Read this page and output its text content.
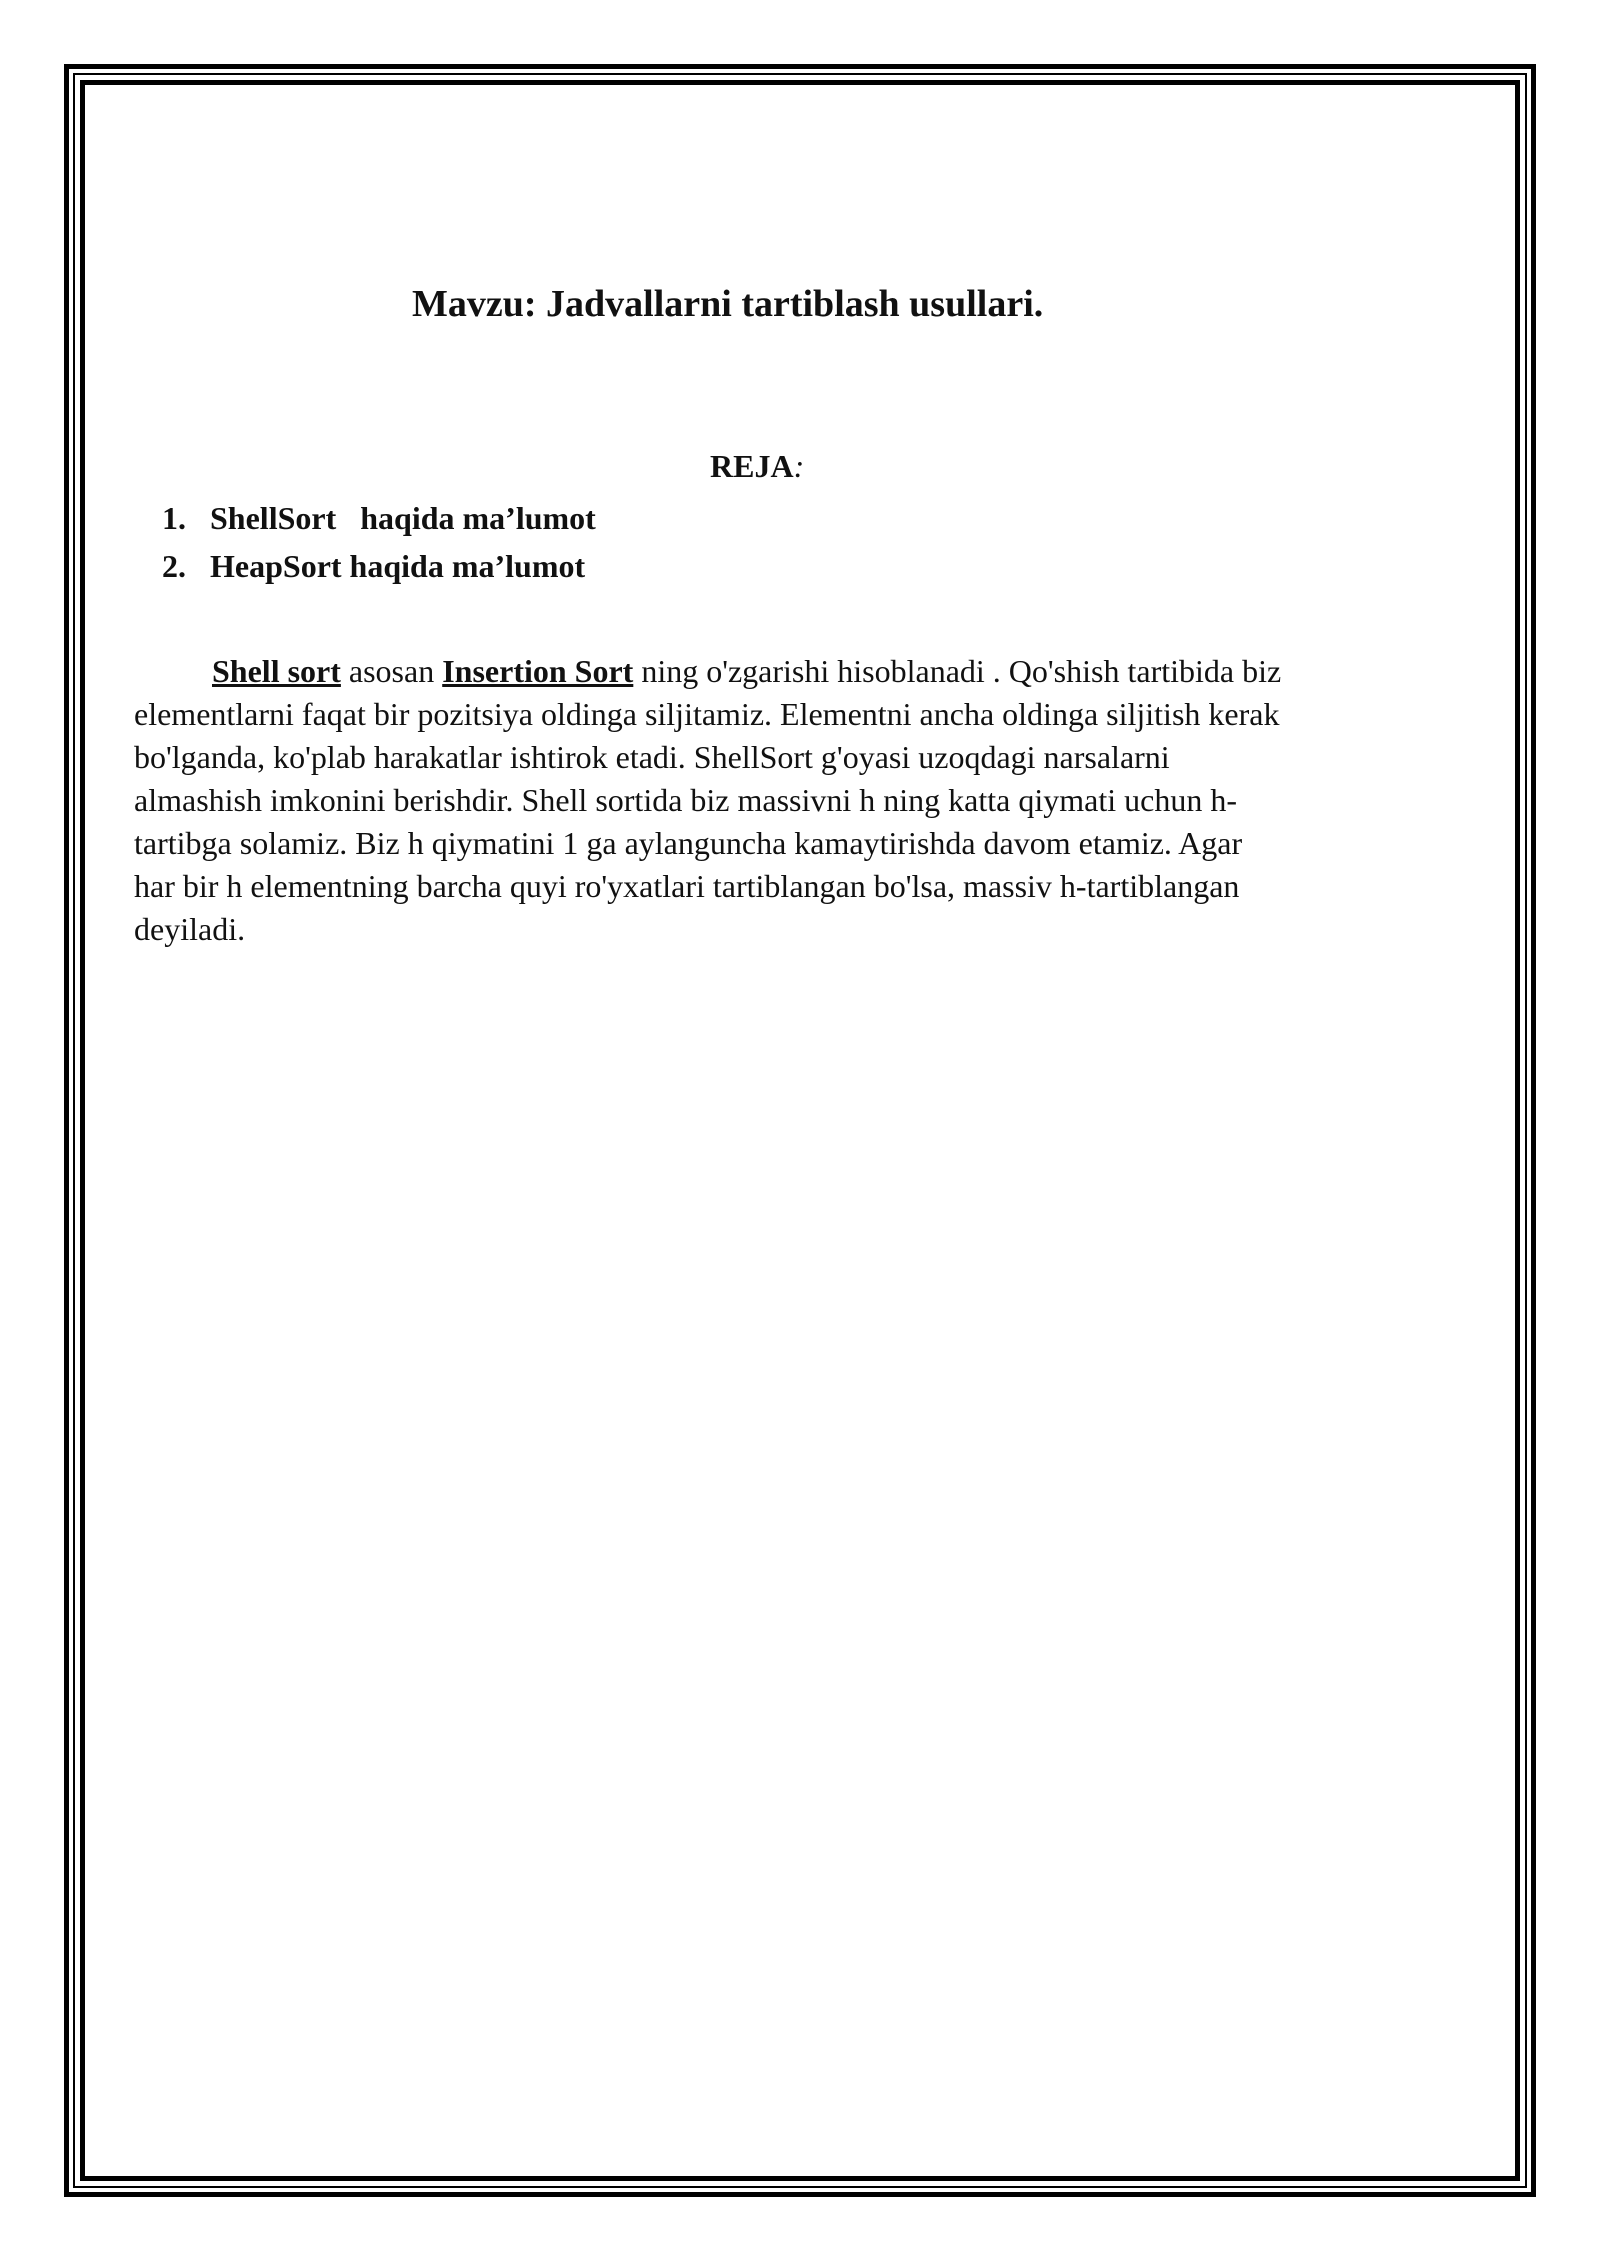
Mavzu: Jadvallarni tartiblash usullari.

REJA:

1. ShellSort   haqida ma’lumot
2. HeapSort haqida ma’lumot

Shell sort asosan Insertion Sort ning o'zgarishi hisoblanadi . Qo'shish tartibida biz
elementlarni faqat bir pozitsiya oldinga siljitamiz. Elementni ancha oldinga siljitish kerak
bo'lganda, ko'plab harakatlar ishtirok etadi. ShellSort g'oyasi uzoqdagi narsalarni
almashish imkonini berishdir. Shell sortida biz massivni h ning katta qiymati uchun h-
tartibga solamiz. Biz h qiymatini 1 ga aylanguncha kamaytirishda davom etamiz. Agar
har bir h elementning barcha quyi ro'yxatlari tartiblangan bo'lsa, massiv h-tartiblangan
deyiladi.
